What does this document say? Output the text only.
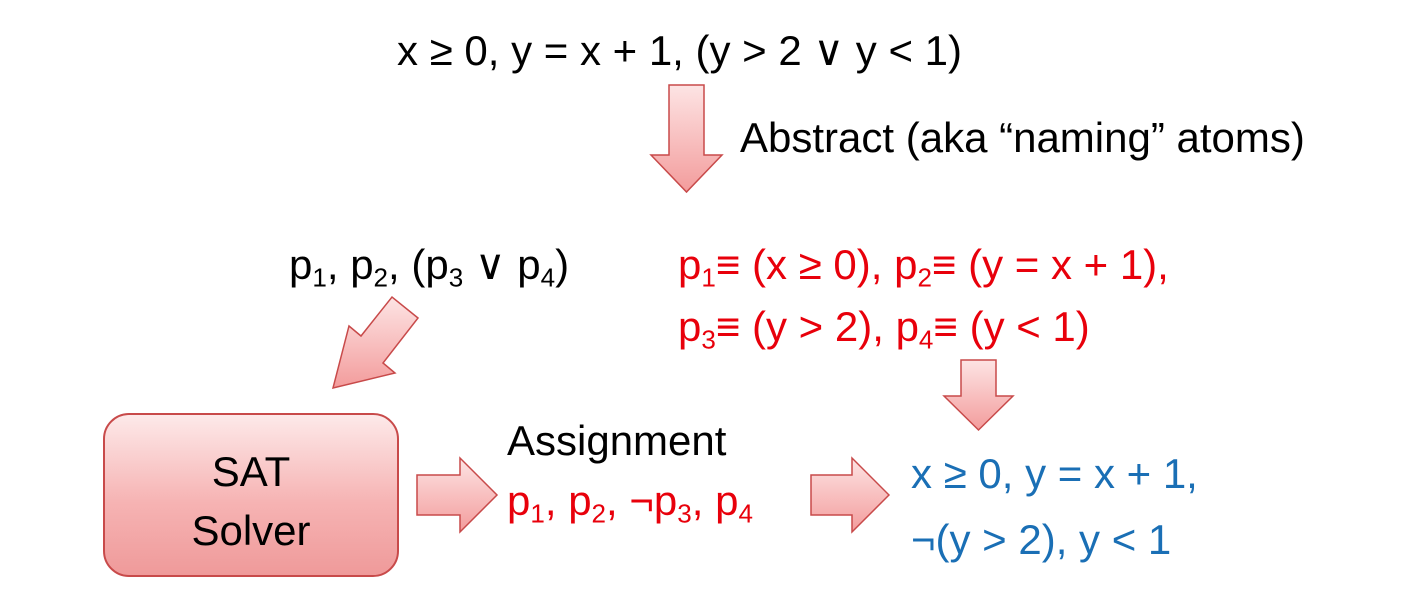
x ≥ 0, y = x + 1, (y > 2 ∨ y < 1)
Abstract (aka “naming” atoms)
$p_1$, $p_2$, ($p_3$ ∨ $p_4$)	$p_1\equiv (x \ge 0)$, $p_2\equiv (y = x + 1)$,
$p_3\equiv (y > 2)$, $p_4\equiv (y < 1)$
SAT
Solver
Assignment
$p_1$, $p_2$, $\neg p_3$, $p_4$
x ≥ 0, y = x + 1,
¬(y > 2), y < 1
